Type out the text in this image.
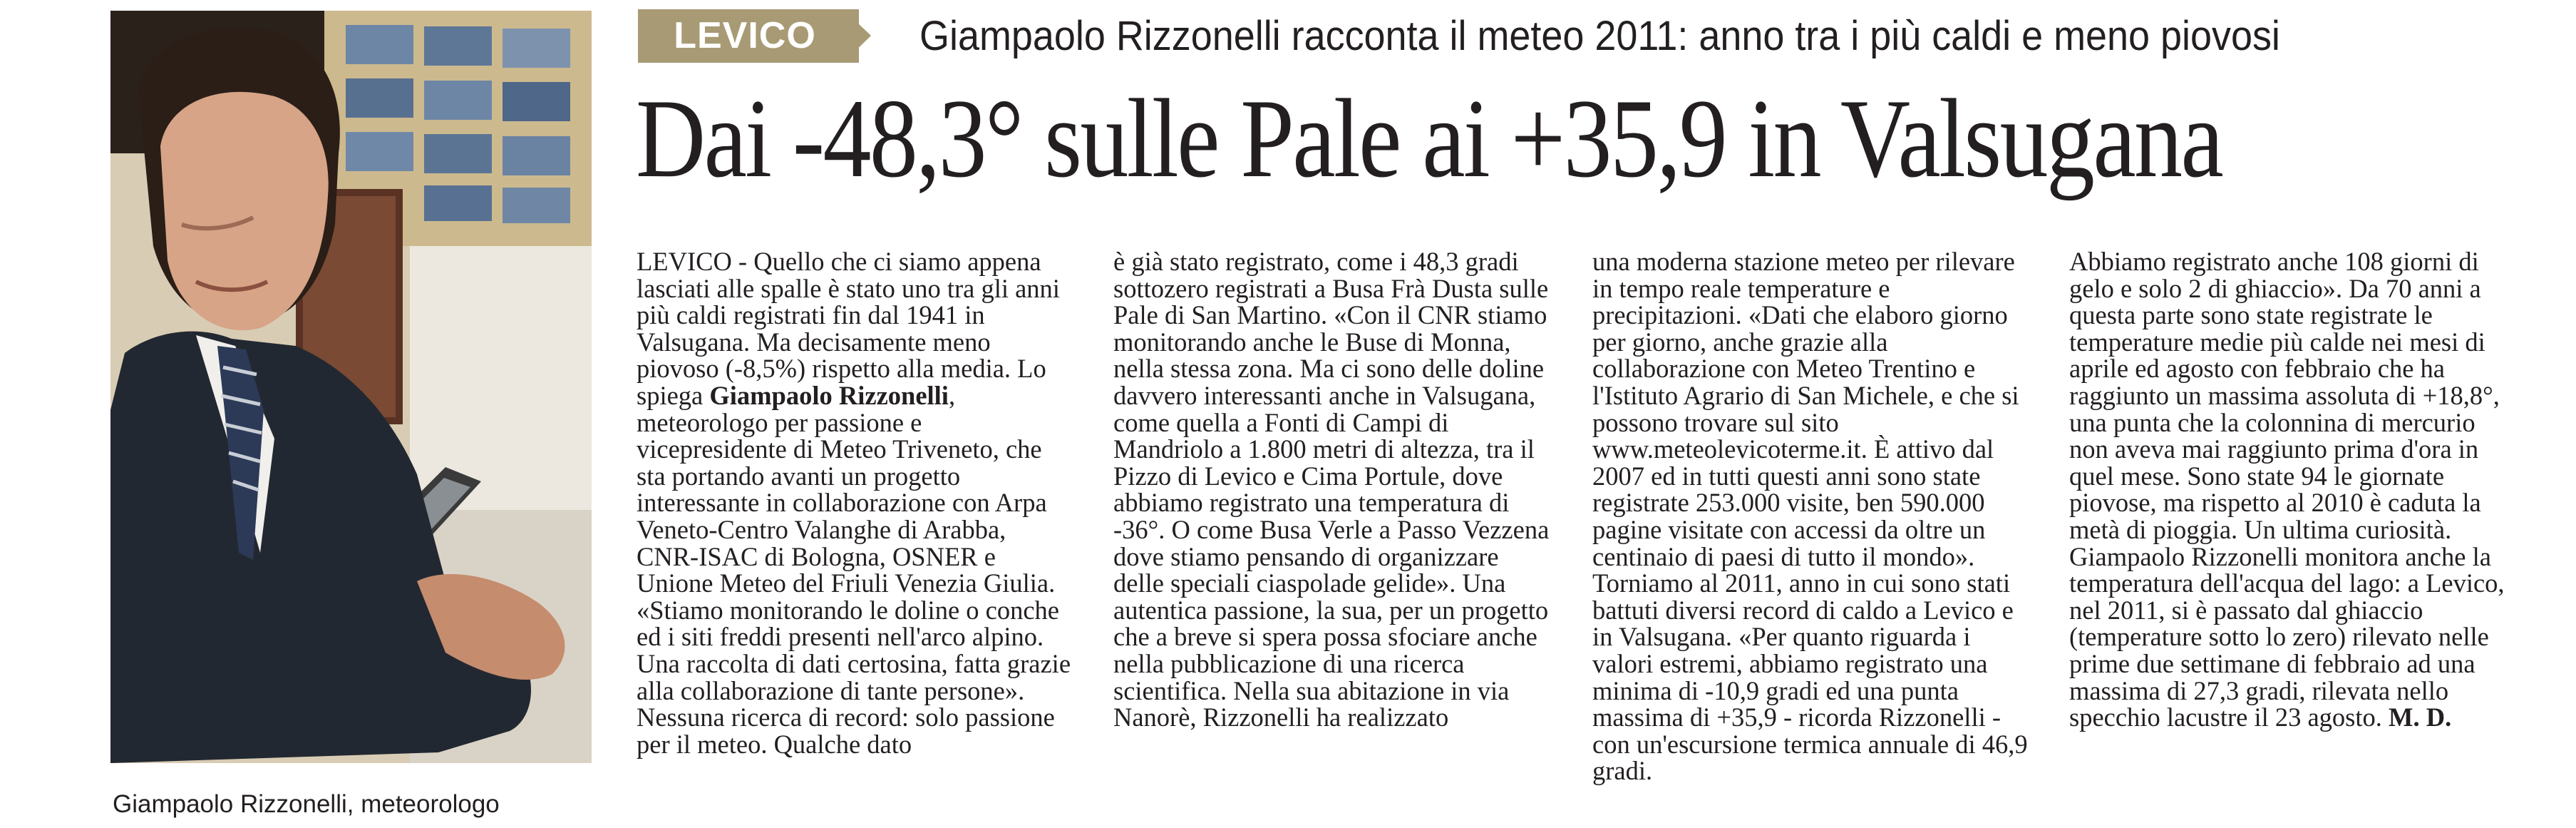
Giampaolo Rizzonelli, meteorologo
LEVICO	Giampaolo Rizzonelli racconta il meteo 2011: anno tra i più caldi e meno piovosi
Dai -48,3° sulle Pale ai +35,9 in Valsugana

LEVICO - Quello che ci siamo appena lasciati alle spalle è stato uno tra gli anni più caldi registrati fin dal 1941 in Valsugana. Ma decisamente meno piovoso (-8,5%) rispetto alla media. Lo spiega Giampaolo Rizzonelli, meteorologo per passione e vicepresidente di Meteo Triveneto, che sta portando avanti un progetto interessante in collaborazione con Arpa Veneto-Centro Valanghe di Arabba, CNR-ISAC di Bologna, OSNER e Unione Meteo del Friuli Venezia Giulia. «Stiamo monitorando le doline o conche ed i siti freddi presenti nell'arco alpino. Una raccolta di dati certosina, fatta grazie alla collaborazione di tante persone». Nessuna ricerca di record: solo passione per il meteo. Qualche dato

è già stato registrato, come i 48,3 gradi sottozero registrati a Busa Frà Dusta sulle Pale di San Martino. «Con il CNR stiamo monitorando anche le Buse di Monna, nella stessa zona. Ma ci sono delle doline davvero interessanti anche in Valsugana, come quella a Fonti di Campi di Mandriolo a 1.800 metri di altezza, tra il Pizzo di Levico e Cima Portule, dove abbiamo registrato una temperatura di -36°. O come Busa Verle a Passo Vezzena dove stiamo pensando di organizzare delle speciali ciaspolade gelide». Una autentica passione, la sua, per un progetto che a breve si spera possa sfociare anche nella pubblicazione di una ricerca scientifica. Nella sua abitazione in via Nanorè, Rizzonelli ha realizzato

una moderna stazione meteo per rilevare in tempo reale temperature e precipitazioni. «Dati che elaboro giorno per giorno, anche grazie alla collaborazione con Meteo Trentino e l'Istituto Agrario di San Michele, e che si possono trovare sul sito www.meteolevicoterme.it. È attivo dal 2007 ed in tutti questi anni sono state registrate 253.000 visite, ben 590.000 pagine visitate con accessi da oltre un centinaio di paesi di tutto il mondo». Torniamo al 2011, anno in cui sono stati battuti diversi record di caldo a Levico e in Valsugana. «Per quanto riguarda i valori estremi, abbiamo registrato una minima di -10,9 gradi ed una punta massima di +35,9 - ricorda Rizzonelli - con un'escursione termica annuale di 46,9 gradi.

Abbiamo registrato anche 108 giorni di gelo e solo 2 di ghiaccio». Da 70 anni a questa parte sono state registrate le temperature medie più calde nei mesi di aprile ed agosto con febbraio che ha raggiunto un massima assoluta di +18,8°, una punta che la colonnina di mercurio non aveva mai raggiunto prima d'ora in quel mese. Sono state 94 le giornate piovose, ma rispetto al 2010 è caduta la metà di pioggia. Un ultima curiosità. Giampaolo Rizzonelli monitora anche la temperatura dell'acqua del lago: a Levico, nel 2011, si è passato dal ghiaccio (temperature sotto lo zero) rilevato nelle prime due settimane di febbraio ad una massima di 27,3 gradi, rilevata nello specchio lacustre il 23 agosto. M. D.
